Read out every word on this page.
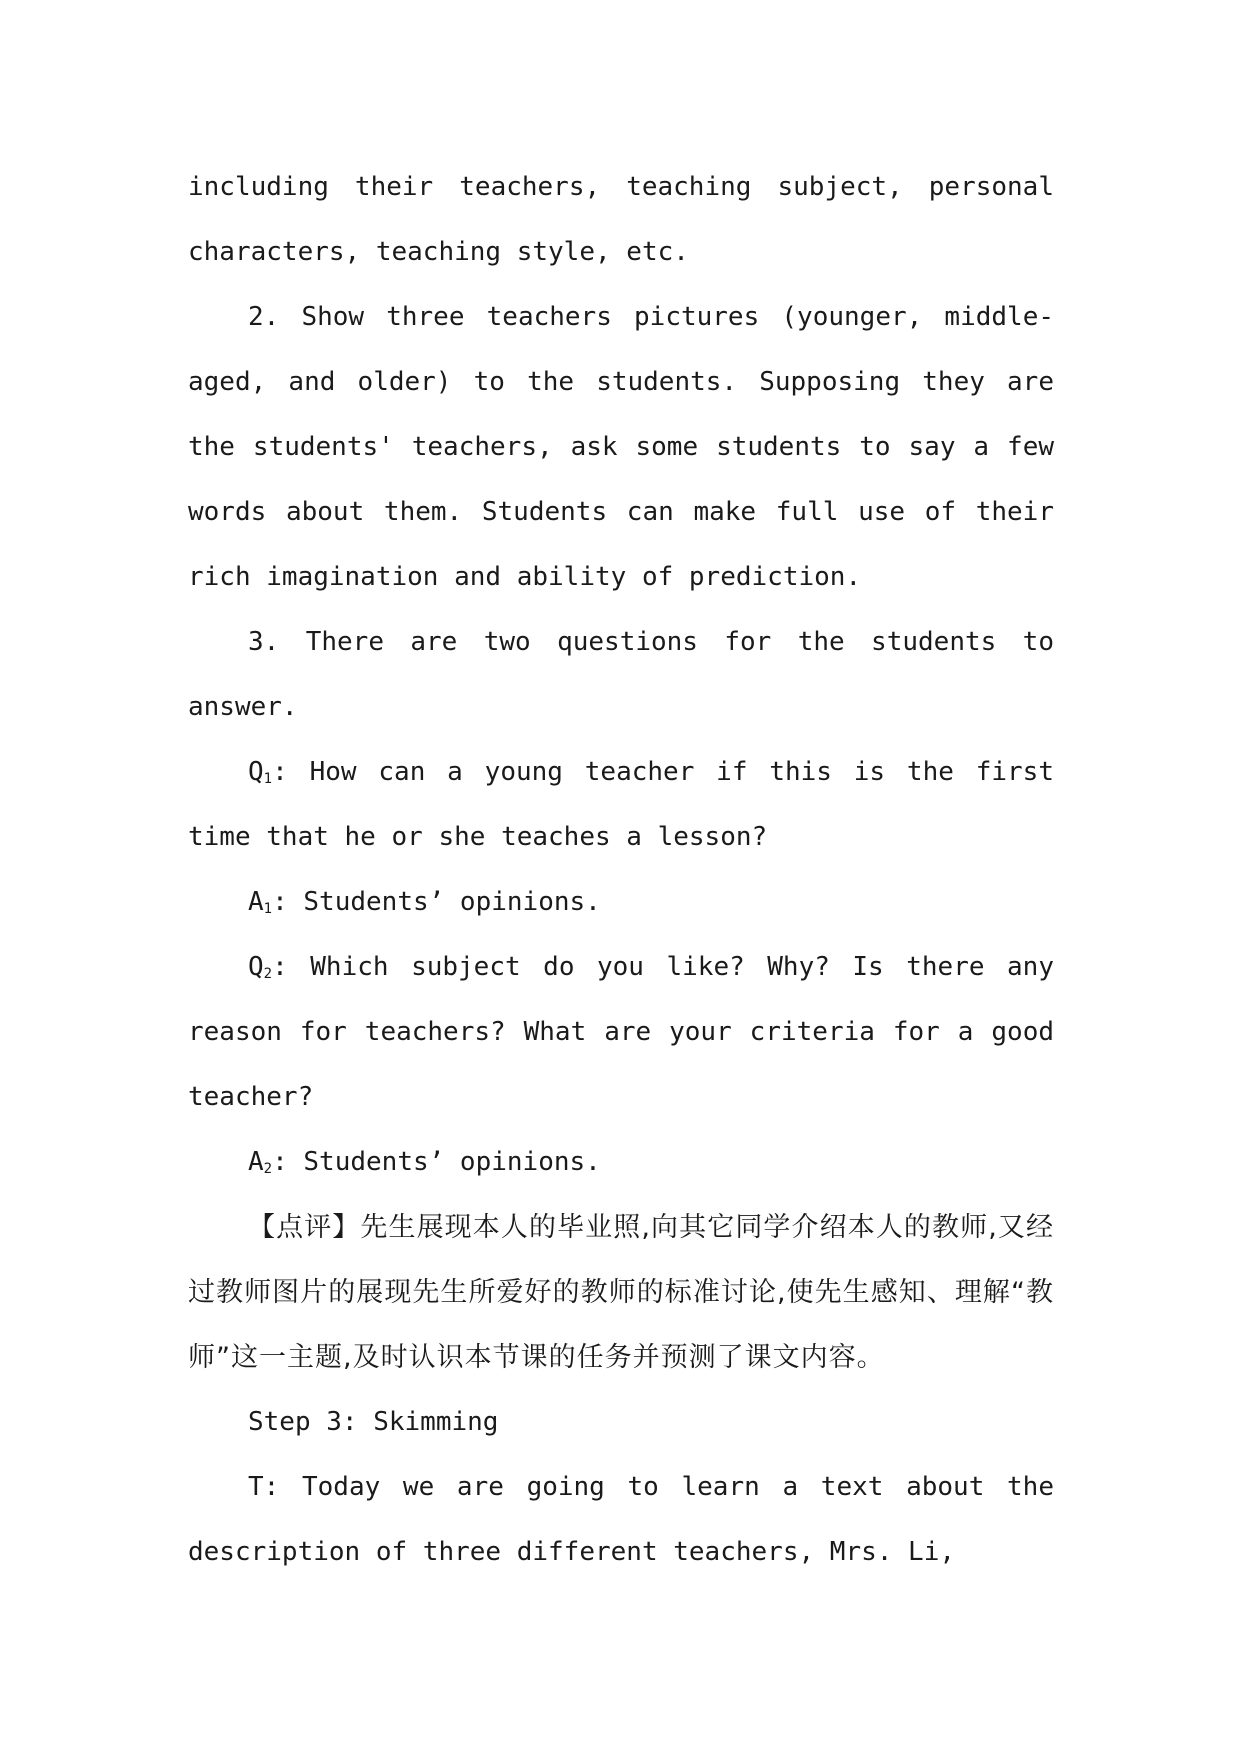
including their teachers, teaching subject, personal characters, teaching style, etc.

2. Show three teachers pictures (younger, middle-aged, and older) to the students. Supposing they are the students' teachers, ask some students to say a few words about them. Students can make full use of their rich imagination and ability of prediction.

3. There are two questions for the students to answer.

$Q_1$: How can a young teacher if this is the first time that he or she teaches a lesson?

$A_1$: Students’ opinions.

$Q_2$: Which subject do you like? Why? Is there any reason for teachers? What are your criteria for a good teacher?

$A_2$: Students’ opinions.

【点评】先生展现本人的毕业照,向其它同学介绍本人的教师,又经过教师图片的展现先生所爱好的教师的标准讨论,使先生感知、理解“教师”这一主题,及时认识本节课的任务并预测了课文内容。

Step 3: Skimming

T: Today we are going to learn a text about the description of three different teachers, Mrs. Li,
